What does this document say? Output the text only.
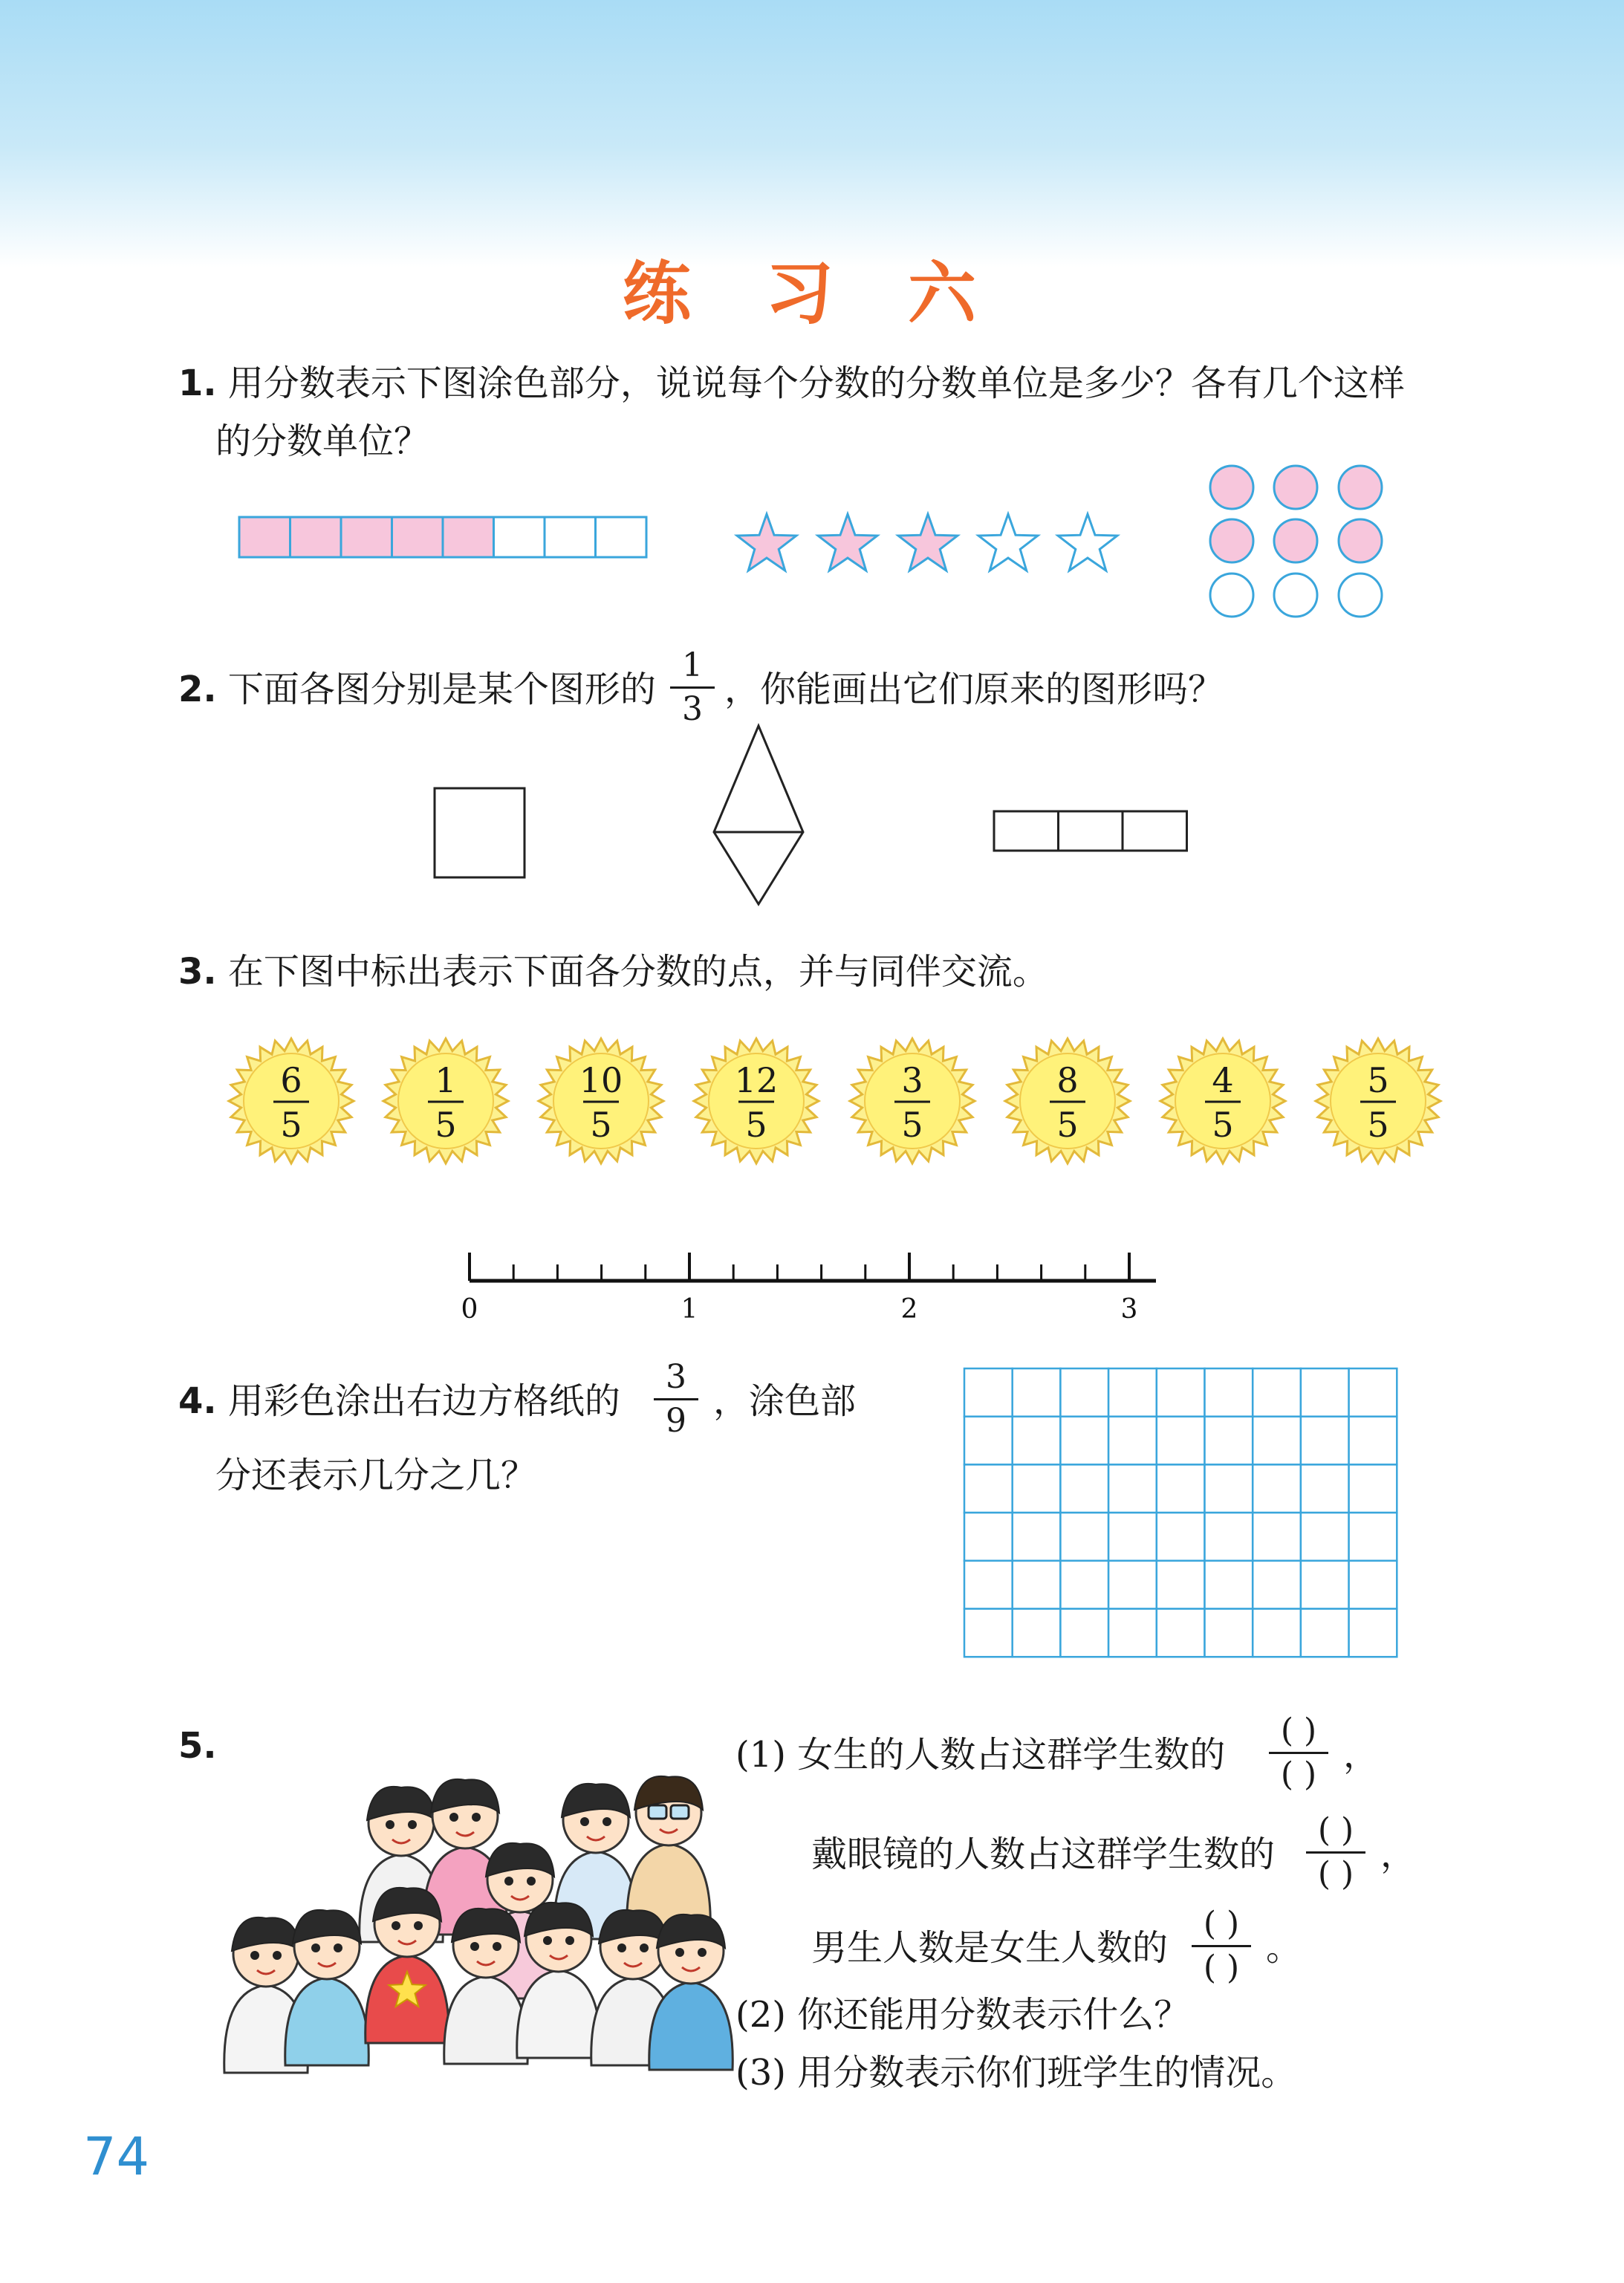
练 习 六
1. 用分数表示下图涂色部分，说说每个分数的分数单位是多少？各有几个这样
的分数单位？
6
5
1
5
10
5
12
5
3
5
8
5
4
5
5
5
0	1	2	3
2. 下面各图分别是某个图形的 $\frac{1}{3}$ ，你能画出它们原来的图形吗？
3. 在下图中标出表示下面各分数的点，并与同伴交流。
4. 用彩色涂出右边方格纸的 $\frac{3}{9}$ ，涂色部
分还表示几分之几？
5.	(1) 女生的人数占这群学生数的
( )
( ) ，
戴眼镜的人数占这群学生数的
( )
( ) ，
男生人数是女生人数的
( )
( ) 。
(2) 你还能用分数表示什么？
(3) 用分数表示你们班学生的情况。
74
